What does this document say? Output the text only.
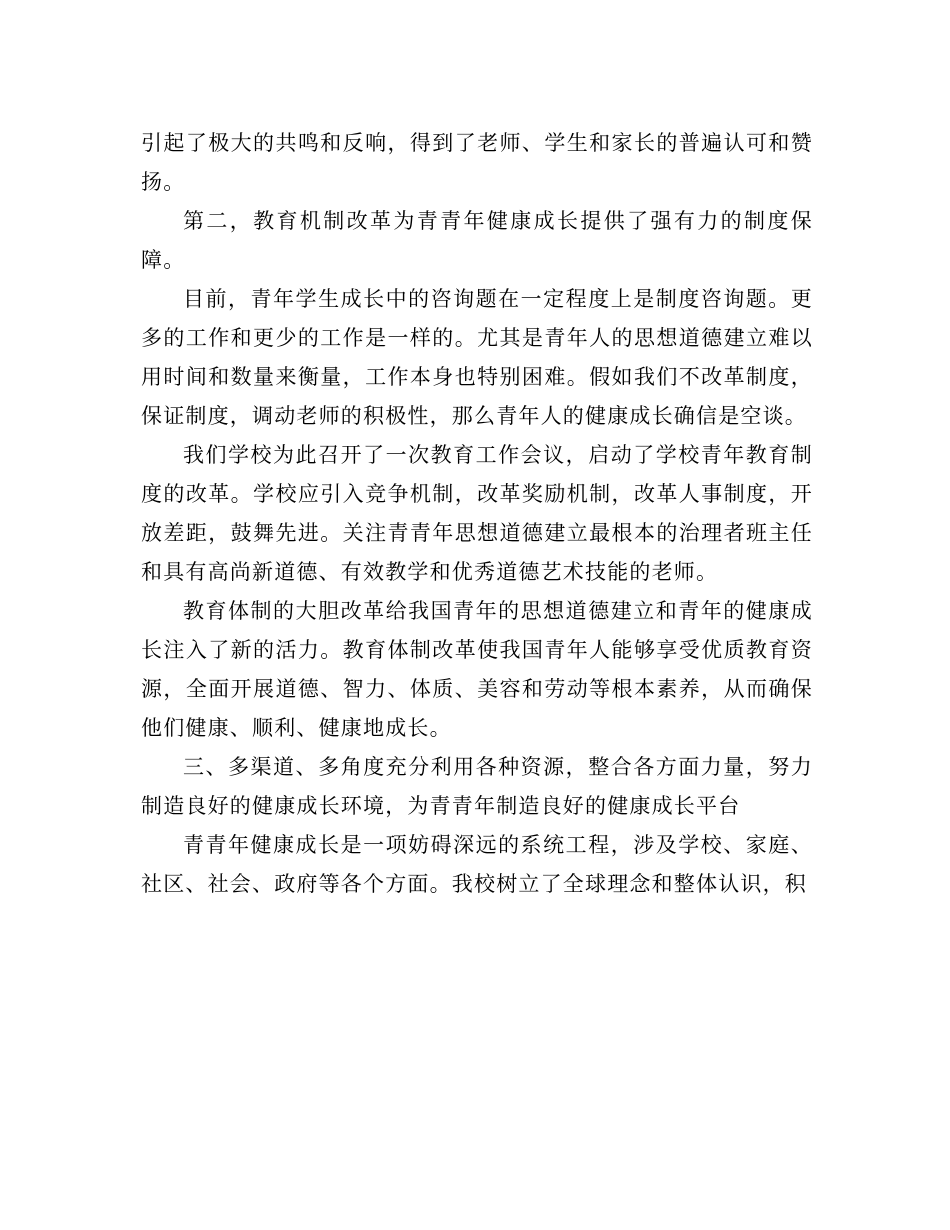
引起了极大的共鸣和反响，得到了老师、学生和家长的普遍认可和赞扬。

第二，教育机制改革为青青年健康成长提供了强有力的制度保障。

目前，青年学生成长中的咨询题在一定程度上是制度咨询题。更多的工作和更少的工作是一样的。尤其是青年人的思想道德建立难以用时间和数量来衡量，工作本身也特别困难。假如我们不改革制度，保证制度，调动老师的积极性，那么青年人的健康成长确信是空谈。

我们学校为此召开了一次教育工作会议，启动了学校青年教育制度的改革。学校应引入竞争机制，改革奖励机制，改革人事制度，开放差距，鼓舞先进。关注青青年思想道德建立最根本的治理者班主任和具有高尚新道德、有效教学和优秀道德艺术技能的老师。

教育体制的大胆改革给我国青年的思想道德建立和青年的健康成长注入了新的活力。教育体制改革使我国青年人能够享受优质教育资源，全面开展道德、智力、体质、美容和劳动等根本素养，从而确保他们健康、顺利、健康地成长。

三、多渠道、多角度充分利用各种资源，整合各方面力量，努力制造良好的健康成长环境，为青青年制造良好的健康成长平台

青青年健康成长是一项妨碍深远的系统工程，涉及学校、家庭、社区、社会、政府等各个方面。我校树立了全球理念和整体认识，积
